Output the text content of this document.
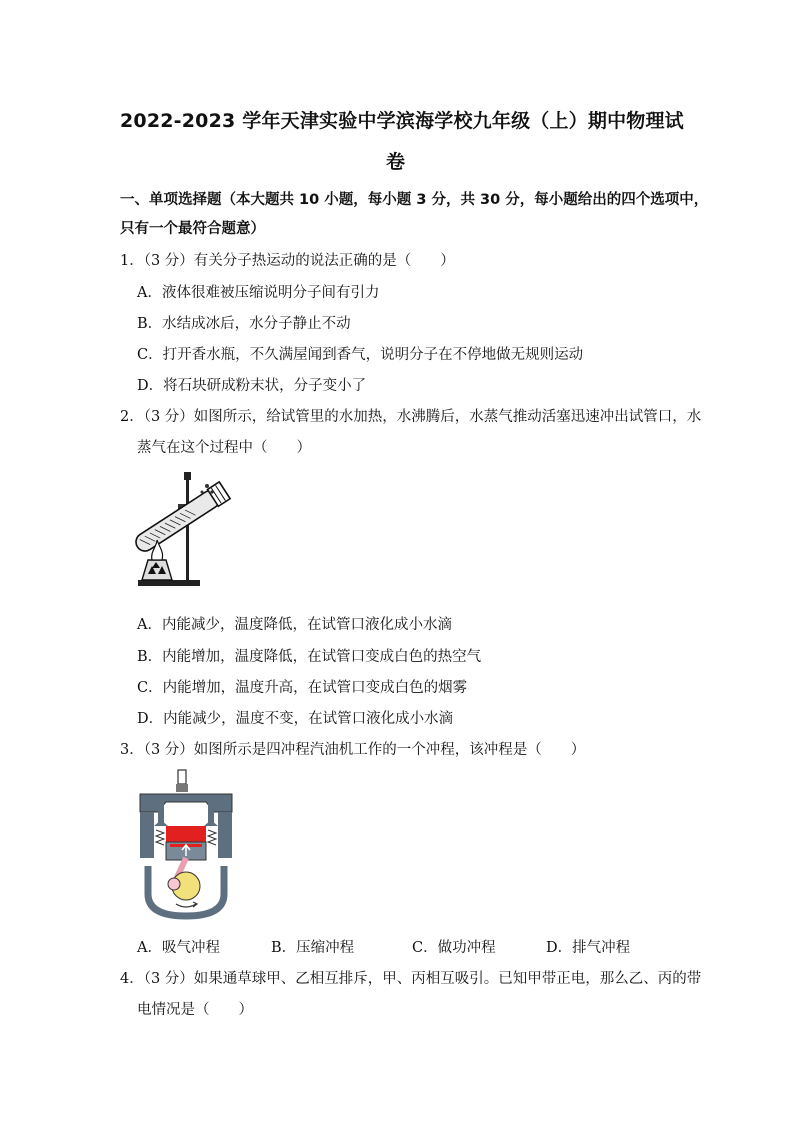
2022-2023 学年天津实验中学滨海学校九年级（上）期中物理试
卷
一、单项选择题（本大题共 10 小题，每小题 3 分，共 30 分，每小题给出的四个选项中，
只有一个最符合题意）
1．（3 分）有关分子热运动的说法正确的是（　　）
A．液体很难被压缩说明分子间有引力
B．水结成冰后，水分子静止不动
C．打开香水瓶，不久满屋闻到香气，说明分子在不停地做无规则运动
D．将石块研成粉末状，分子变小了
2．（3 分）如图所示，给试管里的水加热，水沸腾后，水蒸气推动活塞迅速冲出试管口，水
蒸气在这个过程中（　　）
A．内能减少，温度降低，在试管口液化成小水滴
B．内能增加，温度降低，在试管口变成白色的热空气
C．内能增加，温度升高，在试管口变成白色的烟雾
D．内能减少，温度不变，在试管口液化成小水滴
3．（3 分）如图所示是四冲程汽油机工作的一个冲程，该冲程是（　　）
A．吸气冲程	B．压缩冲程	C．做功冲程	D．排气冲程
4．（3 分）如果通草球甲、乙相互排斥，甲、丙相互吸引。已知甲带正电，那么乙、丙的带
电情况是（　　）
